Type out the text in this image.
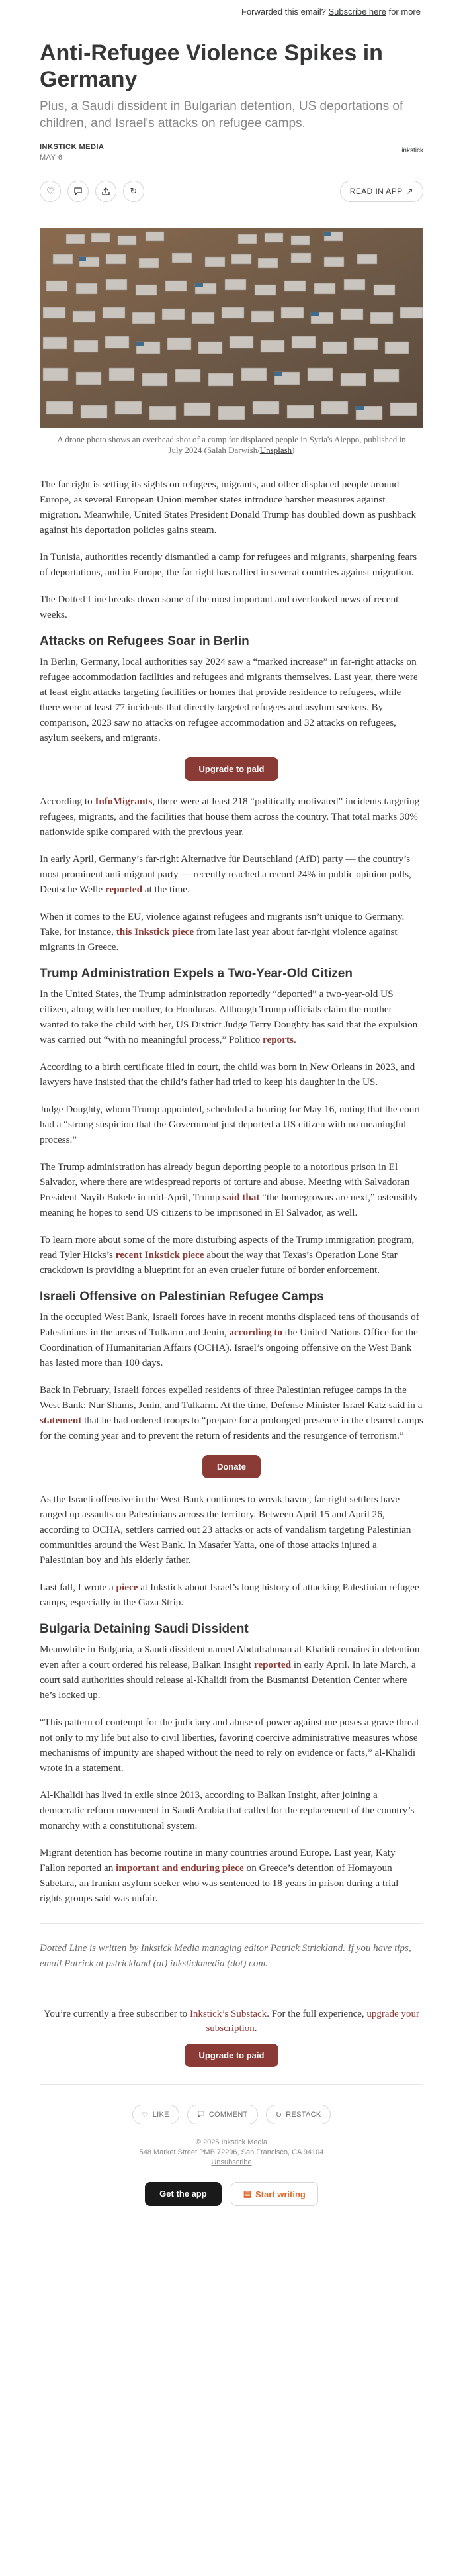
Forwarded this email? Subscribe here for more
Anti-Refugee Violence Spikes in Germany
Plus, a Saudi dissident in Bulgarian detention, US deportations of children, and Israel's attacks on refugee camps.
INKSTICK MEDIA
MAY 6
inkstick
♡	↻	READ IN APP ↗
A drone photo shows an overhead shot of a camp for displaced people in Syria's Aleppo, published in July 2024 (Salah Darwish/Unsplash)

The far right is setting its sights on refugees, migrants, and other displaced people around Europe, as several European Union member states introduce harsher measures against migration. Meanwhile, United States President Donald Trump has doubled down as pushback against his deportation policies gains steam.

In Tunisia, authorities recently dismantled a camp for refugees and migrants, sharpening fears of deportations, and in Europe, the far right has rallied in several countries against migration.

The Dotted Line breaks down some of the most important and overlooked news of recent weeks.

Attacks on Refugees Soar in Berlin

In Berlin, Germany, local authorities say 2024 saw a “marked increase” in far-right attacks on refugee accommodation facilities and refugees and migrants themselves. Last year, there were at least eight attacks targeting facilities or homes that provide residence to refugees, while there were at least 77 incidents that directly targeted refugees and asylum seekers. By comparison, 2023 saw no attacks on refugee accommodation and 32 attacks on refugees, asylum seekers, and migrants.

Upgrade to paid

According to InfoMigrants, there were at least 218 “politically motivated” incidents targeting refugees, migrants, and the facilities that house them across the country. That total marks 30% nationwide spike compared with the previous year.

In early April, Germany’s far-right Alternative für Deutschland (AfD) party — the country’s most prominent anti-migrant party — recently reached a record 24% in public opinion polls, Deutsche Welle reported at the time.

When it comes to the EU, violence against refugees and migrants isn’t unique to Germany. Take, for instance, this Inkstick piece from late last year about far-right violence against migrants in Greece.

Trump Administration Expels a Two-Year-Old Citizen

In the United States, the Trump administration reportedly “deported” a two-year-old US citizen, along with her mother, to Honduras. Although Trump officials claim the mother wanted to take the child with her, US District Judge Terry Doughty has said that the expulsion was carried out “with no meaningful process,” Politico reports.

According to a birth certificate filed in court, the child was born in New Orleans in 2023, and lawyers have insisted that the child’s father had tried to keep his daughter in the US.

Judge Doughty, whom Trump appointed, scheduled a hearing for May 16, noting that the court had a “strong suspicion that the Government just deported a US citizen with no meaningful process.”

The Trump administration has already begun deporting people to a notorious prison in El Salvador, where there are widespread reports of torture and abuse. Meeting with Salvadoran President Nayib Bukele in mid-April, Trump said that “the homegrowns are next,” ostensibly meaning he hopes to send US citizens to be imprisoned in El Salvador, as well.

To learn more about some of the more disturbing aspects of the Trump immigration program, read Tyler Hicks’s recent Inkstick piece about the way that Texas’s Operation Lone Star crackdown is providing a blueprint for an even crueler future of border enforcement.

Israeli Offensive on Palestinian Refugee Camps

In the occupied West Bank, Israeli forces have in recent months displaced tens of thousands of Palestinians in the areas of Tulkarm and Jenin, according to the United Nations Office for the Coordination of Humanitarian Affairs (OCHA). Israel’s ongoing offensive on the West Bank has lasted more than 100 days.

Back in February, Israeli forces expelled residents of three Palestinian refugee camps in the West Bank: Nur Shams, Jenin, and Tulkarm. At the time, Defense Minister Israel Katz said in a statement that he had ordered troops to “prepare for a prolonged presence in the cleared camps for the coming year and to prevent the return of residents and the resurgence of terrorism.”

Donate

As the Israeli offensive in the West Bank continues to wreak havoc, far-right settlers have ranged up assaults on Palestinians across the territory. Between April 15 and April 26, according to OCHA, settlers carried out 23 attacks or acts of vandalism targeting Palestinian communities around the West Bank. In Masafer Yatta, one of those attacks injured a Palestinian boy and his elderly father.

Last fall, I wrote a piece at Inkstick about Israel’s long history of attacking Palestinian refugee camps, especially in the Gaza Strip.

Bulgaria Detaining Saudi Dissident

Meanwhile in Bulgaria, a Saudi dissident named Abdulrahman al-Khalidi remains in detention even after a court ordered his release, Balkan Insight reported in early April. In late March, a court said authorities should release al-Khalidi from the Busmantsi Detention Center where he’s locked up.

“This pattern of contempt for the judiciary and abuse of power against me poses a grave threat not only to my life but also to civil liberties, favoring coercive administrative measures whose mechanisms of impunity are shaped without the need to rely on evidence or facts,” al-Khalidi wrote in a statement.

Al-Khalidi has lived in exile since 2013, according to Balkan Insight, after joining a democratic reform movement in Saudi Arabia that called for the replacement of the country’s monarchy with a constitutional system.

Migrant detention has become routine in many countries around Europe. Last year, Katy Fallon reported an important and enduring piece on Greece’s detention of Homayoun Sabetara, an Iranian asylum seeker who was sentenced to 18 years in prison during a trial rights groups said was unfair.

Dotted Line is written by Inkstick Media managing editor Patrick Strickland. If you have tips, email Patrick at pstrickland (at) inkstickmedia (dot) com.

You’re currently a free subscriber to Inkstick’s Substack. For the full experience, upgrade your subscription.
Upgrade to paid
♡ LIKE	COMMENT	↻ RESTACK
© 2025 Inkstick Media
548 Market Street PMB 72296, San Francisco, CA 94104
Unsubscribe
Get the app	▤ Start writing
